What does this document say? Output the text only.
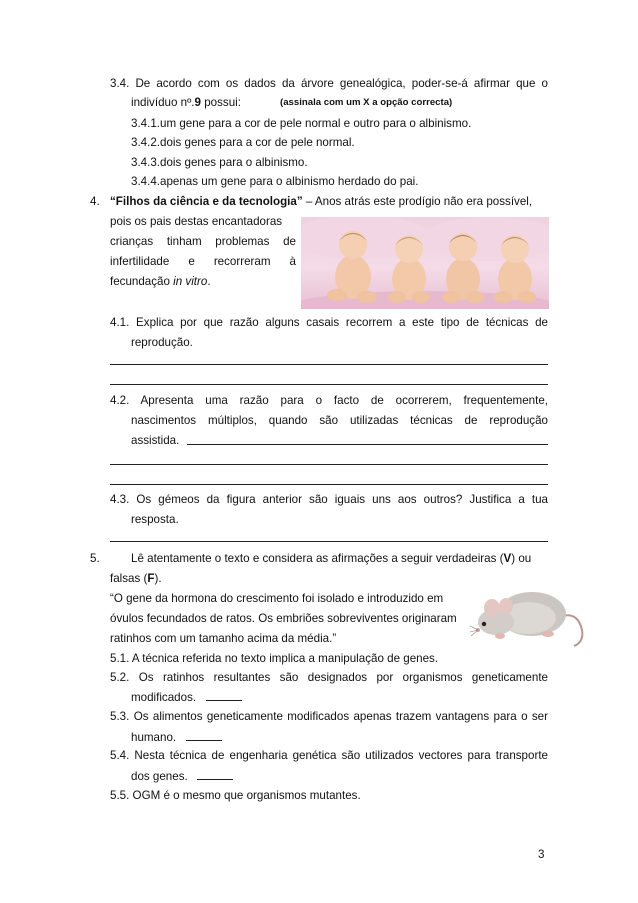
3.4. De acordo com os dados da árvore genealógica, poder-se-á afirmar que o
indivíduo nº.9 possui:	(assinala com um X a opção correcta)
3.4.1.um gene para a cor de pele normal e outro para o albinismo.
3.4.2.dois genes para a cor de pele normal.
3.4.3.dois genes para o albinismo.
3.4.4.apenas um gene para o albinismo herdado do pai.
4. “Filhos da ciência e da tecnologia” – Anos atrás este prodígio não era possível,
pois os pais destas encantadoras
crianças tinham problemas de
infertilidade e recorreram à
fecundação in vitro.
4.1. Explica por que razão alguns casais recorrem a este tipo de técnicas de
reprodução.
4.2. Apresenta uma razão para o facto de ocorrerem, frequentemente,
nascimentos múltiplos, quando são utilizadas técnicas de reprodução
assistida.
4.3. Os gémeos da figura anterior são iguais uns aos outros? Justifica a tua
resposta.
5.	Lê atentamente o texto e considera as afirmações a seguir verdadeiras (V) ou
falsas (F).
“O gene da hormona do crescimento foi isolado e introduzido em
óvulos fecundados de ratos. Os embriões sobreviventes originaram
ratinhos com um tamanho acima da média.”
5.1. A técnica referida no texto implica a manipulação de genes.
5.2. Os ratinhos resultantes são designados por organismos geneticamente
modificados.
5.3. Os alimentos geneticamente modificados apenas trazem vantagens para o ser
humano.
5.4. Nesta técnica de engenharia genética são utilizados vectores para transporte
dos genes.
5.5. OGM é o mesmo que organismos mutantes.
3
